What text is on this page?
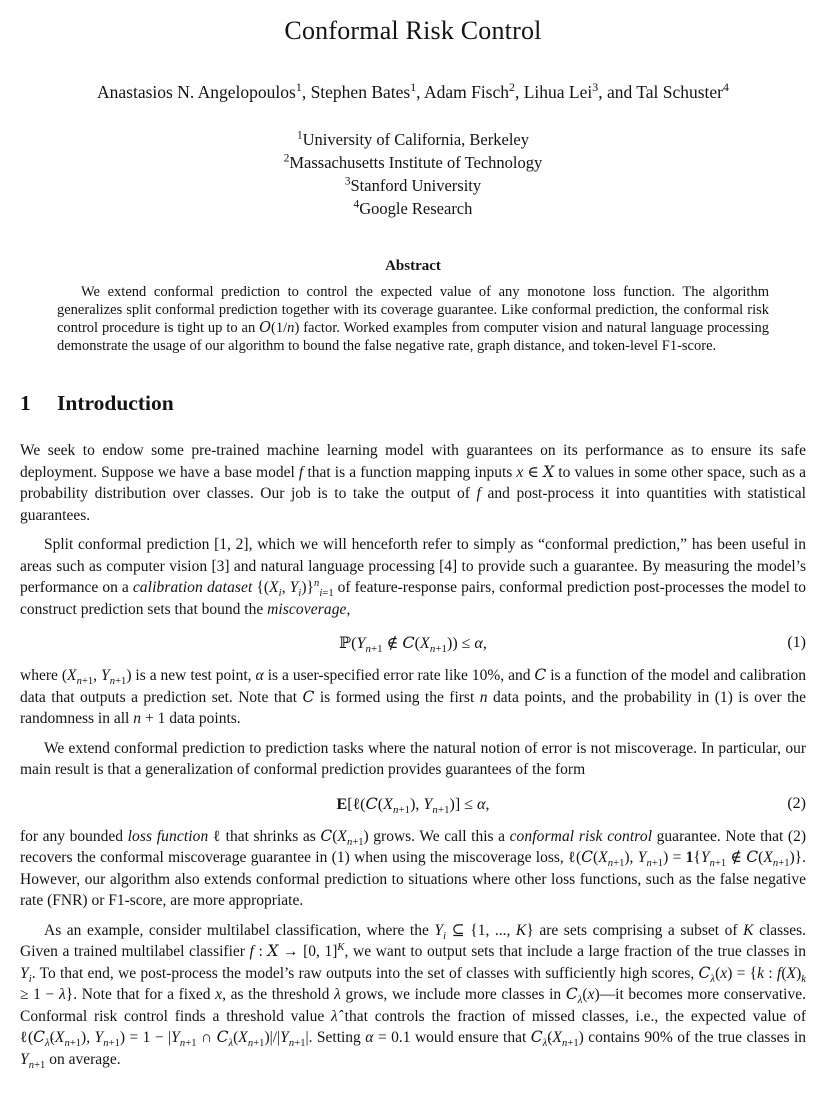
Conformal Risk Control
Anastasios N. Angelopoulos$^1$, Stephen Bates$^1$, Adam Fisch$^2$, Lihua Lei$^3$, and Tal Schuster$^4$
$^1$University of California, Berkeley
$^2$Massachusetts Institute of Technology
$^3$Stanford University
$^4$Google Research
Abstract
We extend conformal prediction to control the expected value of any monotone loss function. The algorithm generalizes split conformal prediction together with its coverage guarantee. Like conformal prediction, the conformal risk control procedure is tight up to an O(1/n) factor. Worked examples from computer vision and natural language processing demonstrate the usage of our algorithm to bound the false negative rate, graph distance, and token-level F1-score.
1 Introduction

We seek to endow some pre-trained machine learning model with guarantees on its performance as to ensure its safe deployment. Suppose we have a base model f that is a function mapping inputs x ∈ X to values in some other space, such as a probability distribution over classes. Our job is to take the output of f and post-process it into quantities with statistical guarantees.

Split conformal prediction [1, 2], which we will henceforth refer to simply as “conformal prediction,” has been useful in areas such as computer vision [3] and natural language processing [4] to provide such a guarantee. By measuring the model’s performance on a calibration dataset {($X_i$, $Y_i)\}^n_{i=1}$ of feature-response pairs, conformal prediction post-processes the model to construct prediction sets that bound the miscoverage,

$ℙ(Y_{n+1}$ ∉ $C(X_{n+1})) \le \alpha$,	(1)

where ($X_{n+1}$, $Y_{n+1}$) is a new test point, α is a user-specified error rate like 10%, and C is a function of the model and calibration data that outputs a prediction set. Note that C is formed using the first n data points, and the probability in (1) is over the randomness in all n + 1 data points.

We extend conformal prediction to prediction tasks where the natural notion of error is not miscoverage. In particular, our main result is that a generalization of conformal prediction provides guarantees of the form

$E[\ell(C(X_{n+1})$, $Y_{n+1})] \le \alpha$,	(2)

for any bounded loss function ℓ that shrinks as $C(X_{n+1})$ grows. We call this a conformal risk control guarantee. Note that (2) recovers the conformal miscoverage guarantee in (1) when using the miscoverage loss, $\ell(C(X_{n+1})$, $Y_{n+1}) = 1\{Y_{n+1}$ ∉ $C(X_{n+1})$}. However, our algorithm also extends conformal prediction to situations where other loss functions, such as the false negative rate (FNR) or F1-score, are more appropriate.

As an example, consider multilabel classification, where the $Y_i$ ⊆ {1, ..., K} are sets comprising a subset of K classes. Given a trained multilabel classifier f : X → [0, 1]$^K$, we want to output sets that include a large fraction of the true classes in $Y_i$. To that end, we post-process the model’s raw outputs into the set of classes with sufficiently high scores, $C_\lambda(x) = \{k$ : $f(X)_k \ge 1 - \lambda$}. Note that for a fixed x, as the threshold λ grows, we include more classes in $C_\lambda(x)—it$ becomes more conservative. Conformal risk control finds a threshold value λ̂ that controls the fraction of missed classes, i.e., the expected value of $\ell(C_{\lambdâ}(X_{n+1})$, $Y_{n+1}) = 1 - |Y_{n+1}$ ∩ $C_\lambda(X_{n+1})|/|Y_{n+1}|$. Setting α = 0.1 would ensure that $C_{\lambdâ}(X_{n+1})$ contains 90% of the true classes in $Y_{n+1}$ on average.
